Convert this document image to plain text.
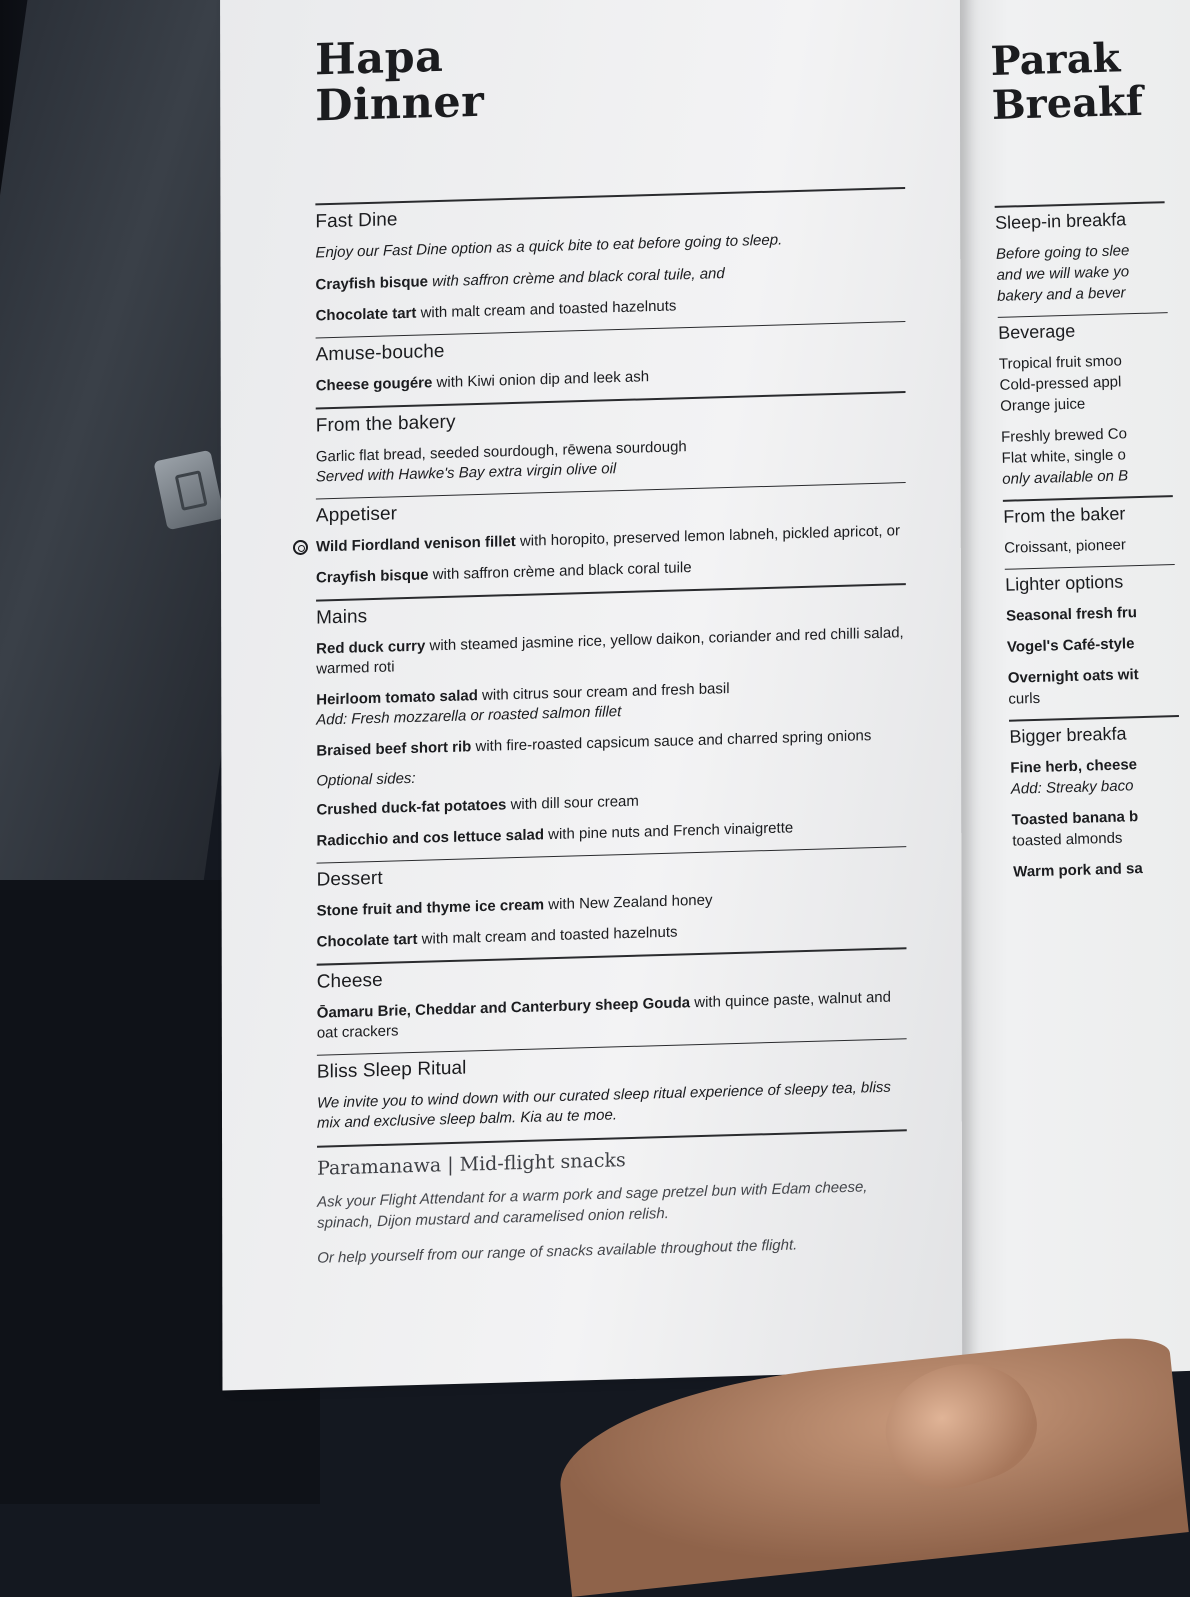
Hapa
Dinner
Fast Dine
Enjoy our Fast Dine option as a quick bite to eat before going to sleep.
Crayfish bisque with saffron crème and black coral tuile, and
Chocolate tart with malt cream and toasted hazelnuts
Amuse-bouche
Cheese gougére with Kiwi onion dip and leek ash
From the bakery
Garlic flat bread, seeded sourdough, rēwena sourdough
Served with Hawke's Bay extra virgin olive oil
Appetiser
Wild Fiordland venison fillet with horopito, preserved lemon labneh, pickled apricot, or
Crayfish bisque with saffron crème and black coral tuile
Mains
Red duck curry with steamed jasmine rice, yellow daikon, coriander and red chilli salad, warmed roti
Heirloom tomato salad with citrus sour cream and fresh basil
Add: Fresh mozzarella or roasted salmon fillet
Braised beef short rib with fire-roasted capsicum sauce and charred spring onions
Optional sides:
Crushed duck-fat potatoes with dill sour cream
Radicchio and cos lettuce salad with pine nuts and French vinaigrette
Dessert
Stone fruit and thyme ice cream with New Zealand honey
Chocolate tart with malt cream and toasted hazelnuts
Cheese
Ōamaru Brie, Cheddar and Canterbury sheep Gouda with quince paste, walnut and oat crackers
Bliss Sleep Ritual
We invite you to wind down with our curated sleep ritual experience of sleepy tea, bliss mix and exclusive sleep balm. Kia au te moe.
Paramanawa | Mid-flight snacks
Ask your Flight Attendant for a warm pork and sage pretzel bun with Edam cheese, spinach, Dijon mustard and caramelised onion relish.
Or help yourself from our range of snacks available throughout the flight.
Parak
Breakf
Sleep-in breakfa
Before going to slee
and we will wake yo
bakery and a bever
Beverage
Tropical fruit smoo
Cold-pressed appl
Orange juice
Freshly brewed Co
Flat white, single o
only available on B
From the baker
Croissant, pioneer
Lighter options
Seasonal fresh fru
Vogel's Café-style
Overnight oats wit
curls
Bigger breakfa
Fine herb, cheese
Add: Streaky baco
Toasted banana b
toasted almonds
Warm pork and sa
